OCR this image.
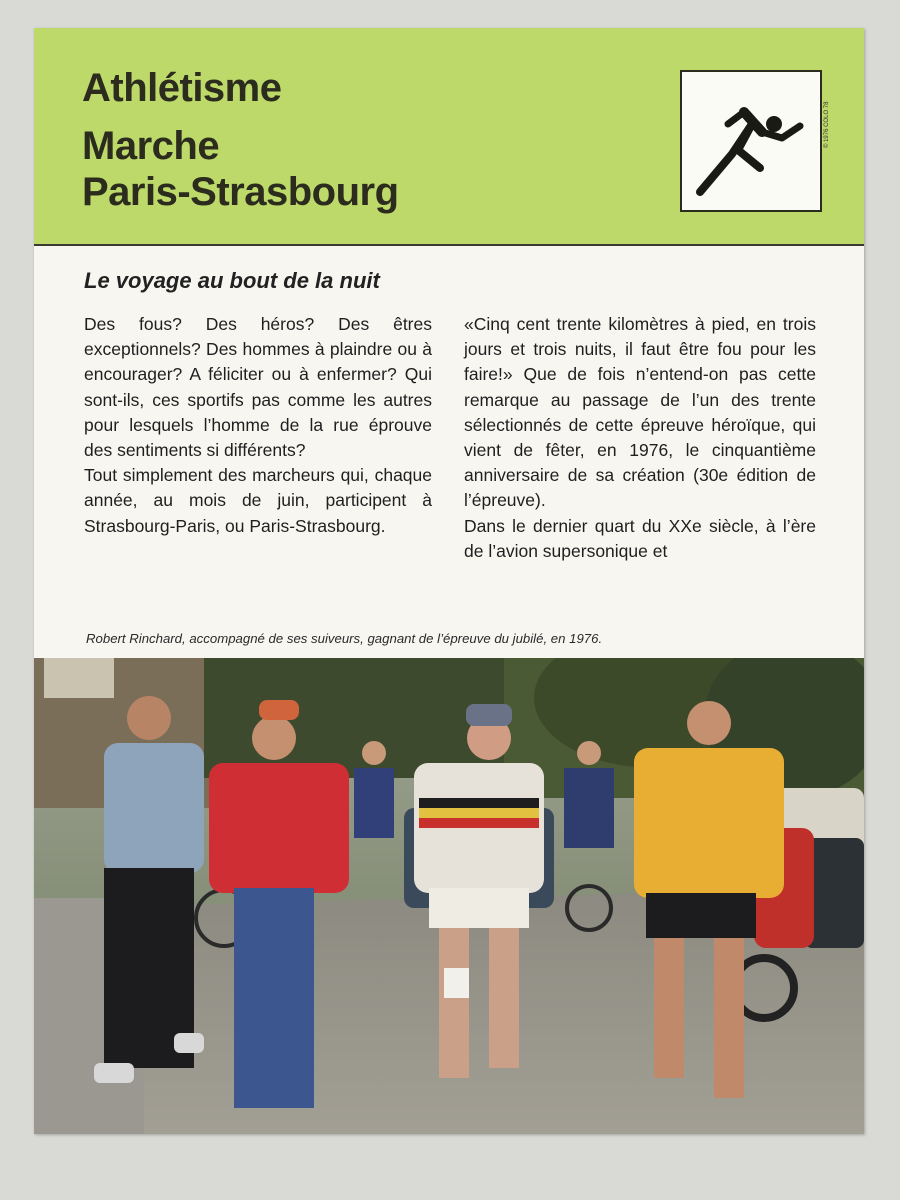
Athlétisme
Marche
Paris-Strasbourg
© 1976 COLO 78
Le voyage au bout de la nuit

Des fous? Des héros? Des êtres exceptionnels? Des hommes à plaindre ou à encourager? A féliciter ou à enfermer? Qui sont-ils, ces sportifs pas comme les autres pour lesquels l’homme de la rue éprouve des sentiments si différents?

Tout simplement des marcheurs qui, chaque année, au mois de juin, participent à Strasbourg-Paris, ou Paris-Strasbourg.

«Cinq cent trente kilomètres à pied, en trois jours et trois nuits, il faut être fou pour les faire!» Que de fois n’entend-on pas cette remarque au passage de l’un des trente sélectionnés de cette épreuve héroïque, qui vient de fêter, en 1976, le cinquantième anniversaire de sa création (30e édition de l’épreuve).

Dans le dernier quart du XXe siècle, à l’ère de l’avion supersonique et

Robert Rinchard, accompagné de ses suiveurs, gagnant de l’épreuve du jubilé, en 1976.
